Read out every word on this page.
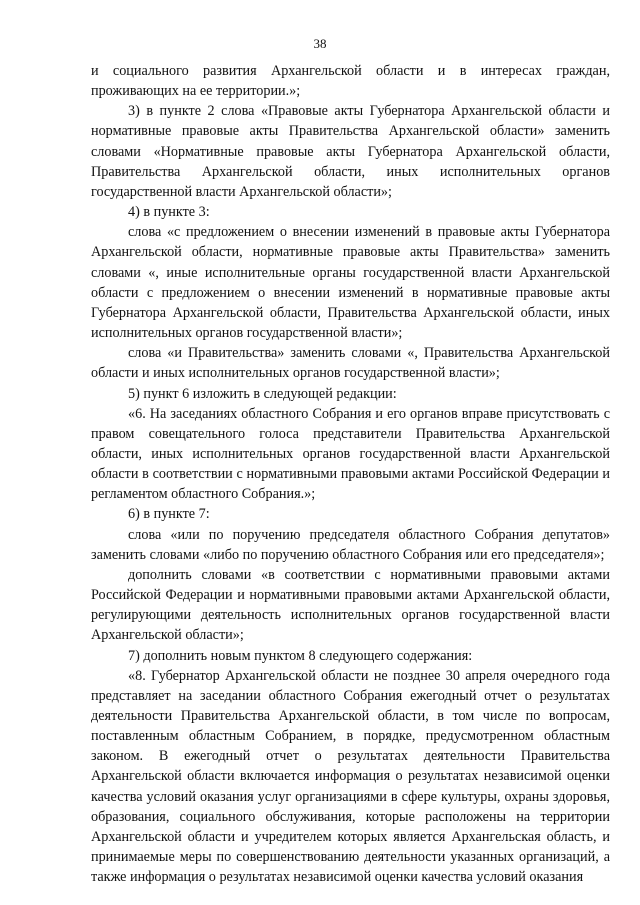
38

и социального развития Архангельской области и в интересах граждан, проживающих на ее территории.»;

3) в пункте 2 слова «Правовые акты Губернатора Архангельской области и нормативные правовые акты Правительства Архангельской области» заменить словами «Нормативные правовые акты Губернатора Архангельской области, Правительства Архангельской области, иных исполнительных органов государственной власти Архангельской области»;

4) в пункте 3:

слова «с предложением о внесении изменений в правовые акты Губернатора Архангельской области, нормативные правовые акты Правительства» заменить словами «, иные исполнительные органы государственной власти Архангельской области с предложением о внесении изменений в нормативные правовые акты Губернатора Архангельской области, Правительства Архангельской области, иных исполнительных органов государственной власти»;

слова «и Правительства» заменить словами «, Правительства Архангельской области и иных исполнительных органов государственной власти»;

5) пункт 6 изложить в следующей редакции:

«6. На заседаниях областного Собрания и его органов вправе присутствовать с правом совещательного голоса представители Правительства Архангельской области, иных исполнительных органов государственной власти Архангельской области в соответствии с нормативными правовыми актами Российской Федерации и регламентом областного Собрания.»;

6) в пункте 7:

слова «или по поручению председателя областного Собрания депутатов» заменить словами «либо по поручению областного Собрания или его председателя»;

дополнить словами «в соответствии с нормативными правовыми актами Российской Федерации и нормативными правовыми актами Архангельской области, регулирующими деятельность исполнительных органов государственной власти Архангельской области»;

7) дополнить новым пунктом 8 следующего содержания:

«8. Губернатор Архангельской области не позднее 30 апреля очередного года представляет на заседании областного Собрания ежегодный отчет о результатах деятельности Правительства Архангельской области, в том числе по вопросам, поставленным областным Собранием, в порядке, предусмотренном областным законом. В ежегодный отчет о результатах деятельности Правительства Архангельской области включается информация о результатах независимой оценки качества условий оказания услуг организациями в сфере культуры, охраны здоровья, образования, социального обслуживания, которые расположены на территории Архангельской области и учредителем которых является Архангельская область, и принимаемые меры по совершенствованию деятельности указанных организаций, а также информация о результатах независимой оценки качества условий оказания
